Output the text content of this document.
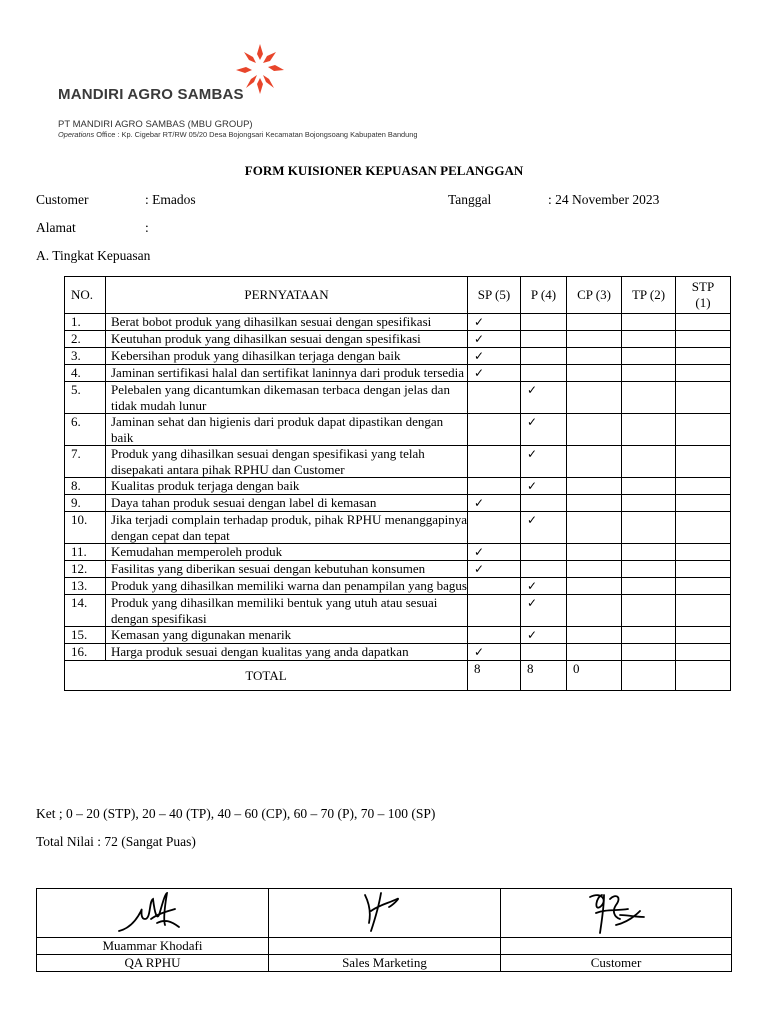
MANDIRI AGRO SAMBAS
PT MANDIRI AGRO SAMBAS (MBU GROUP)
Operations Office : Kp. Cigebar RT/RW 05/20 Desa Bojongsari Kecamatan Bojongsoang Kabupaten Bandung
FORM KUISIONER KEPUASAN PELANGGAN
Customer	: Emados	Tanggal	: 24 November 2023
Alamat	:
A. Tingkat Kepuasan
NO.	PERNYATAAN	SP (5)	P (4)	CP (3)	TP (2)	STP (1)
1.	Berat bobot produk yang dihasilkan sesuai dengan spesifikasi	✓				
2.	Keutuhan produk yang dihasilkan sesuai dengan spesifikasi	✓				
3.	Kebersihan produk yang dihasilkan terjaga dengan baik	✓				
4.	Jaminan sertifikasi halal dan sertifikat laninnya dari produk tersedia	✓				
5.	Pelebalen yang dicantumkan dikemasan terbaca dengan jelas dan tidak mudah lunur		✓			
6.	Jaminan sehat dan higienis dari produk dapat dipastikan dengan baik		✓			
7.	Produk yang dihasilkan sesuai dengan spesifikasi yang telah disepakati antara pihak RPHU dan Customer		✓			
8.	Kualitas produk terjaga dengan baik		✓			
9.	Daya tahan produk sesuai dengan label di kemasan	✓				
10.	Jika terjadi complain terhadap produk, pihak RPHU menanggapinya dengan cepat dan tepat		✓			
11.	Kemudahan memperoleh produk	✓				
12.	Fasilitas yang diberikan sesuai dengan kebutuhan konsumen	✓				
13.	Produk yang dihasilkan memiliki warna dan penampilan yang bagus		✓			
14.	Produk yang dihasilkan memiliki bentuk yang utuh atau sesuai dengan spesifikasi		✓			
15.	Kemasan yang digunakan menarik		✓			
16.	Harga produk sesuai dengan kualitas yang anda dapatkan	✓				
TOTAL		8	8	0		
Ket ; 0 – 20 (STP), 20 – 40 (TP), 40 – 60 (CP), 60 – 70 (P), 70 – 100 (SP)
Total Nilai : 72 (Sangat Puas)

Muammar Khodafi		
QA RPHU	Sales Marketing	Customer
